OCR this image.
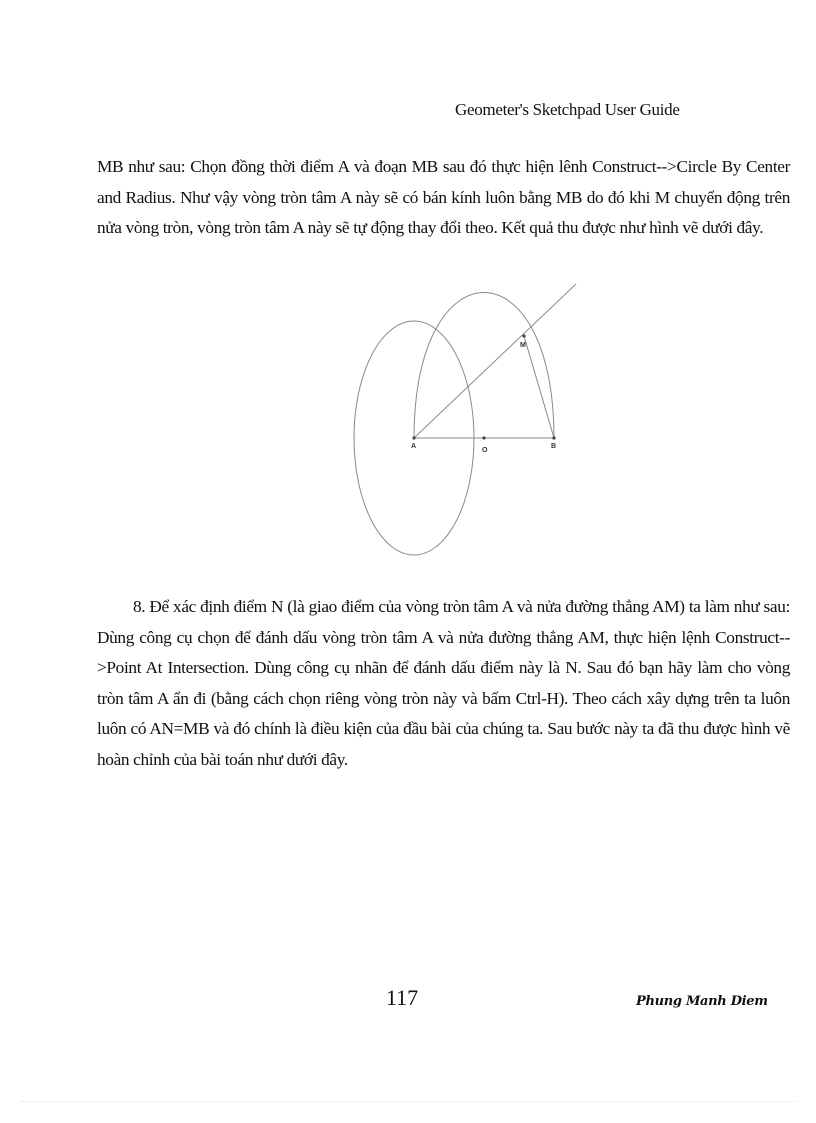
Geometer's Sketchpad User Guide

MB như sau: Chọn đồng thời điểm A và đoạn MB sau đó thực hiện lênh Construct-->Circle By Center and Radius. Như vậy vòng tròn tâm A này sẽ có bán kính luôn bằng MB do đó khi M chuyển động trên nửa vòng tròn, vòng tròn tâm A này sẽ tự động thay đổi theo. Kết quả thu được như hình vẽ dưới đây.

A
O
B
M

8. Để xác định điểm N (là giao điểm của vòng tròn tâm A và nửa đường thẳng AM) ta làm như sau: Dùng công cụ chọn để đánh dấu vòng tròn tâm A và nửa đường thẳng AM, thực hiện lệnh Construct-->Point At Intersection. Dùng công cụ nhãn để đánh dấu điểm này là N. Sau đó bạn hãy làm cho vòng tròn tâm A ẩn đi (bằng cách chọn riêng vòng tròn này và bấm Ctrl-H). Theo cách xây dựng trên ta luôn luôn có AN=MB và đó chính là điều kiện của đầu bài của chúng ta. Sau bước này ta đã thu được hình vẽ hoàn chỉnh của bài toán như dưới đây.

117	Phung Manh Diem
